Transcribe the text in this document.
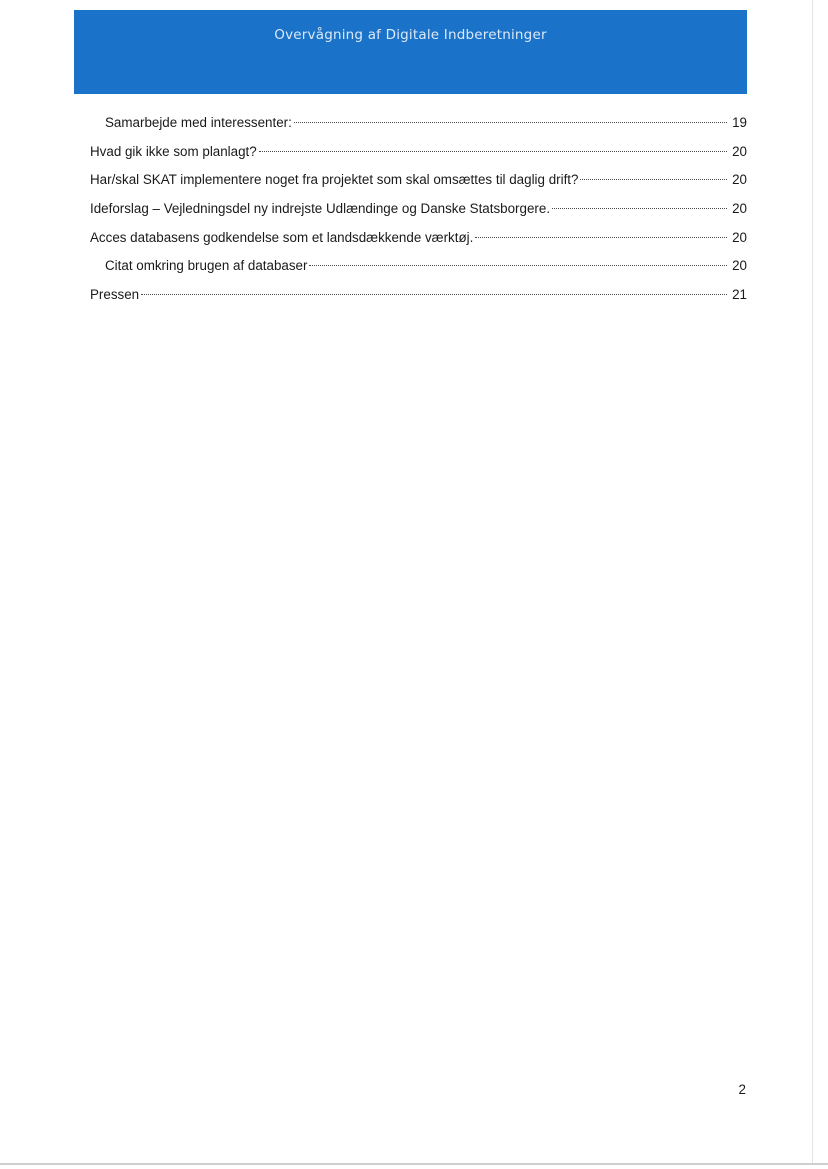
Overvågning af Digitale Indberetninger
Samarbejde med interessenter:	19
Hvad gik ikke som planlagt?	20
Har/skal SKAT implementere noget fra projektet som skal omsættes til daglig drift?	20
Ideforslag – Vejledningsdel ny indrejste Udlændinge og Danske Statsborgere.	20
Acces databasens godkendelse som et landsdækkende værktøj.	20
Citat omkring brugen af databaser	20
Pressen	21
2
